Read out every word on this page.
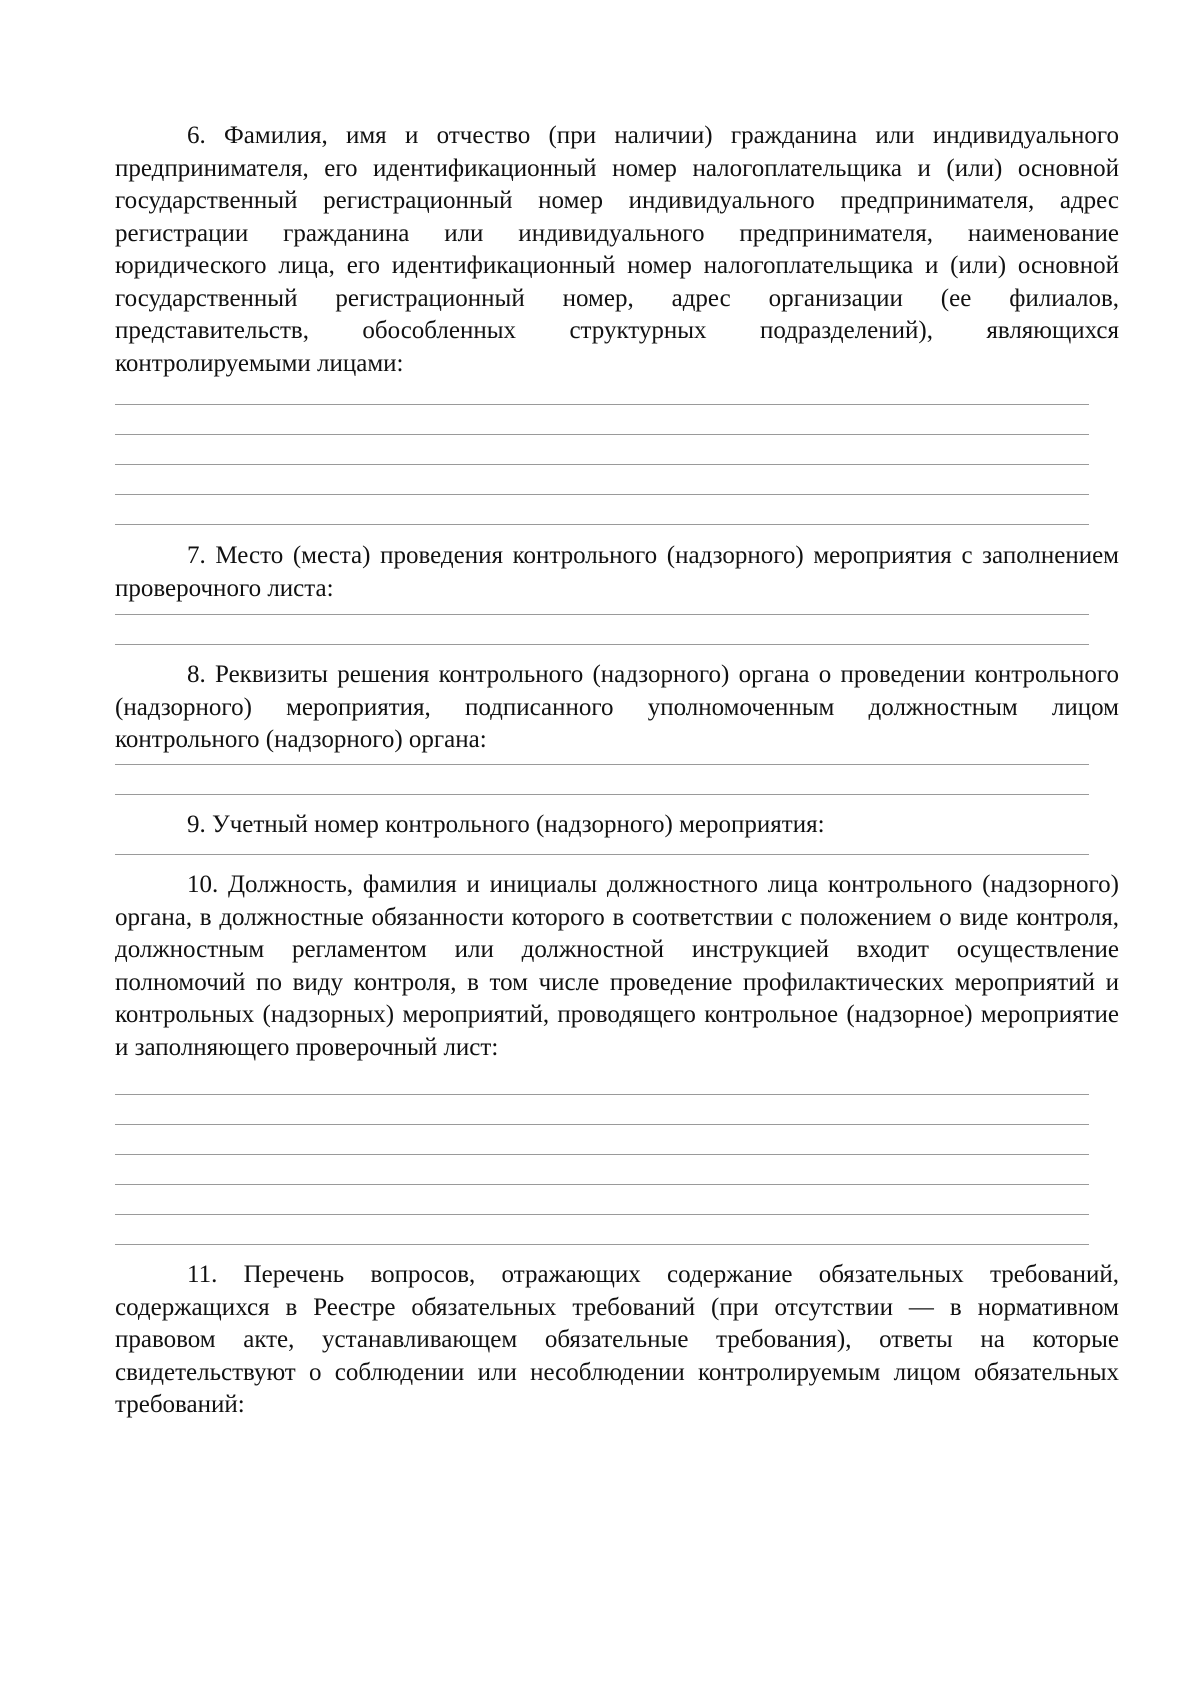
6. Фамилия, имя и отчество (при наличии) гражданина или индивидуального предпринимателя, его идентификационный номер налогоплательщика и (или) основной государственный регистрационный номер индивидуального предпринимателя, адрес регистрации гражданина или индивидуального предпринимателя, наименование юридического лица, его идентификационный номер налогоплательщика и (или) основной государственный регистрационный номер, адрес организации (ее филиалов, представительств, обособленных структурных подразделений), являющихся контролируемыми лицами:

7. Место (места) проведения контрольного (надзорного) мероприятия с заполнением проверочного листа:

8. Реквизиты решения контрольного (надзорного) органа о проведении контрольного (надзорного) мероприятия, подписанного уполномоченным должностным лицом контрольного (надзорного) органа:

9. Учетный номер контрольного (надзорного) мероприятия:

10. Должность, фамилия и инициалы должностного лица контрольного (надзорного) органа, в должностные обязанности которого в соответствии с положением о виде контроля, должностным регламентом или должностной инструкцией входит осуществление полномочий по виду контроля, в том числе проведение профилактических мероприятий и контрольных (надзорных) мероприятий, проводящего контрольное (надзорное) мероприятие и заполняющего проверочный лист:

11. Перечень вопросов, отражающих содержание обязательных требований, содержащихся в Реестре обязательных требований (при отсутствии — в нормативном правовом акте, устанавливающем обязательные требования), ответы на которые свидетельствуют о соблюдении или несоблюдении контролируемым лицом обязательных требований:
